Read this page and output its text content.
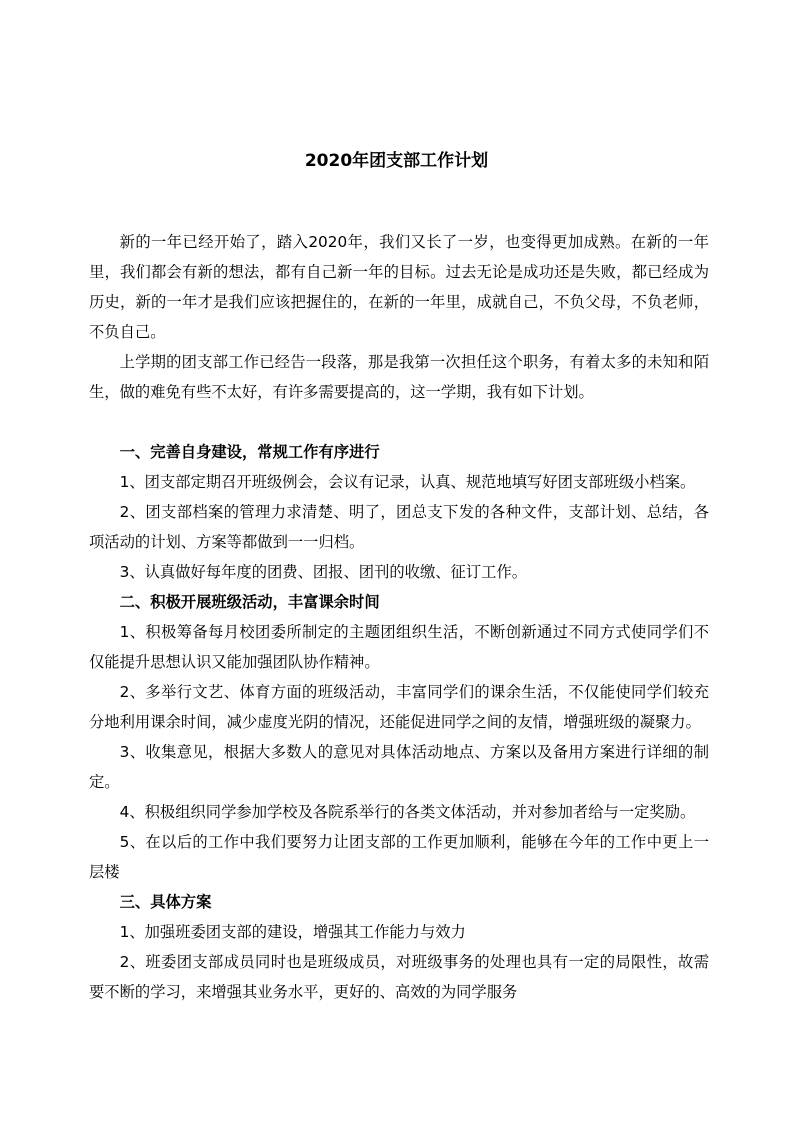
2020年团支部工作计划

新的一年已经开始了，踏入2020年，我们又长了一岁，也变得更加成熟。在新的一年里，我们都会有新的想法，都有自己新一年的目标。过去无论是成功还是失败，都已经成为历史，新的一年才是我们应该把握住的，在新的一年里，成就自己，不负父母，不负老师，不负自己。

上学期的团支部工作已经告一段落，那是我第一次担任这个职务，有着太多的未知和陌生，做的难免有些不太好，有许多需要提高的，这一学期，我有如下计划。

一、完善自身建设，常规工作有序进行

1、团支部定期召开班级例会，会议有记录，认真、规范地填写好团支部班级小档案。

2、团支部档案的管理力求清楚、明了，团总支下发的各种文件，支部计划、总结，各项活动的计划、方案等都做到一一归档。

3、认真做好每年度的团费、团报、团刊的收缴、征订工作。

二、积极开展班级活动，丰富课余时间

1、积极筹备每月校团委所制定的主题团组织生活，不断创新通过不同方式使同学们不仅能提升思想认识又能加强团队协作精神。

2、多举行文艺、体育方面的班级活动，丰富同学们的课余生活，不仅能使同学们较充分地利用课余时间，减少虚度光阴的情况，还能促进同学之间的友情，增强班级的凝聚力。

3、收集意见，根据大多数人的意见对具体活动地点、方案以及备用方案进行详细的制定。

4、积极组织同学参加学校及各院系举行的各类文体活动，并对参加者给与一定奖励。

5、在以后的工作中我们要努力让团支部的工作更加顺利，能够在今年的工作中更上一层楼

三、具体方案

1、加强班委团支部的建设，增强其工作能力与效力

2、班委团支部成员同时也是班级成员，对班级事务的处理也具有一定的局限性，故需要不断的学习，来增强其业务水平，更好的、高效的为同学服务
